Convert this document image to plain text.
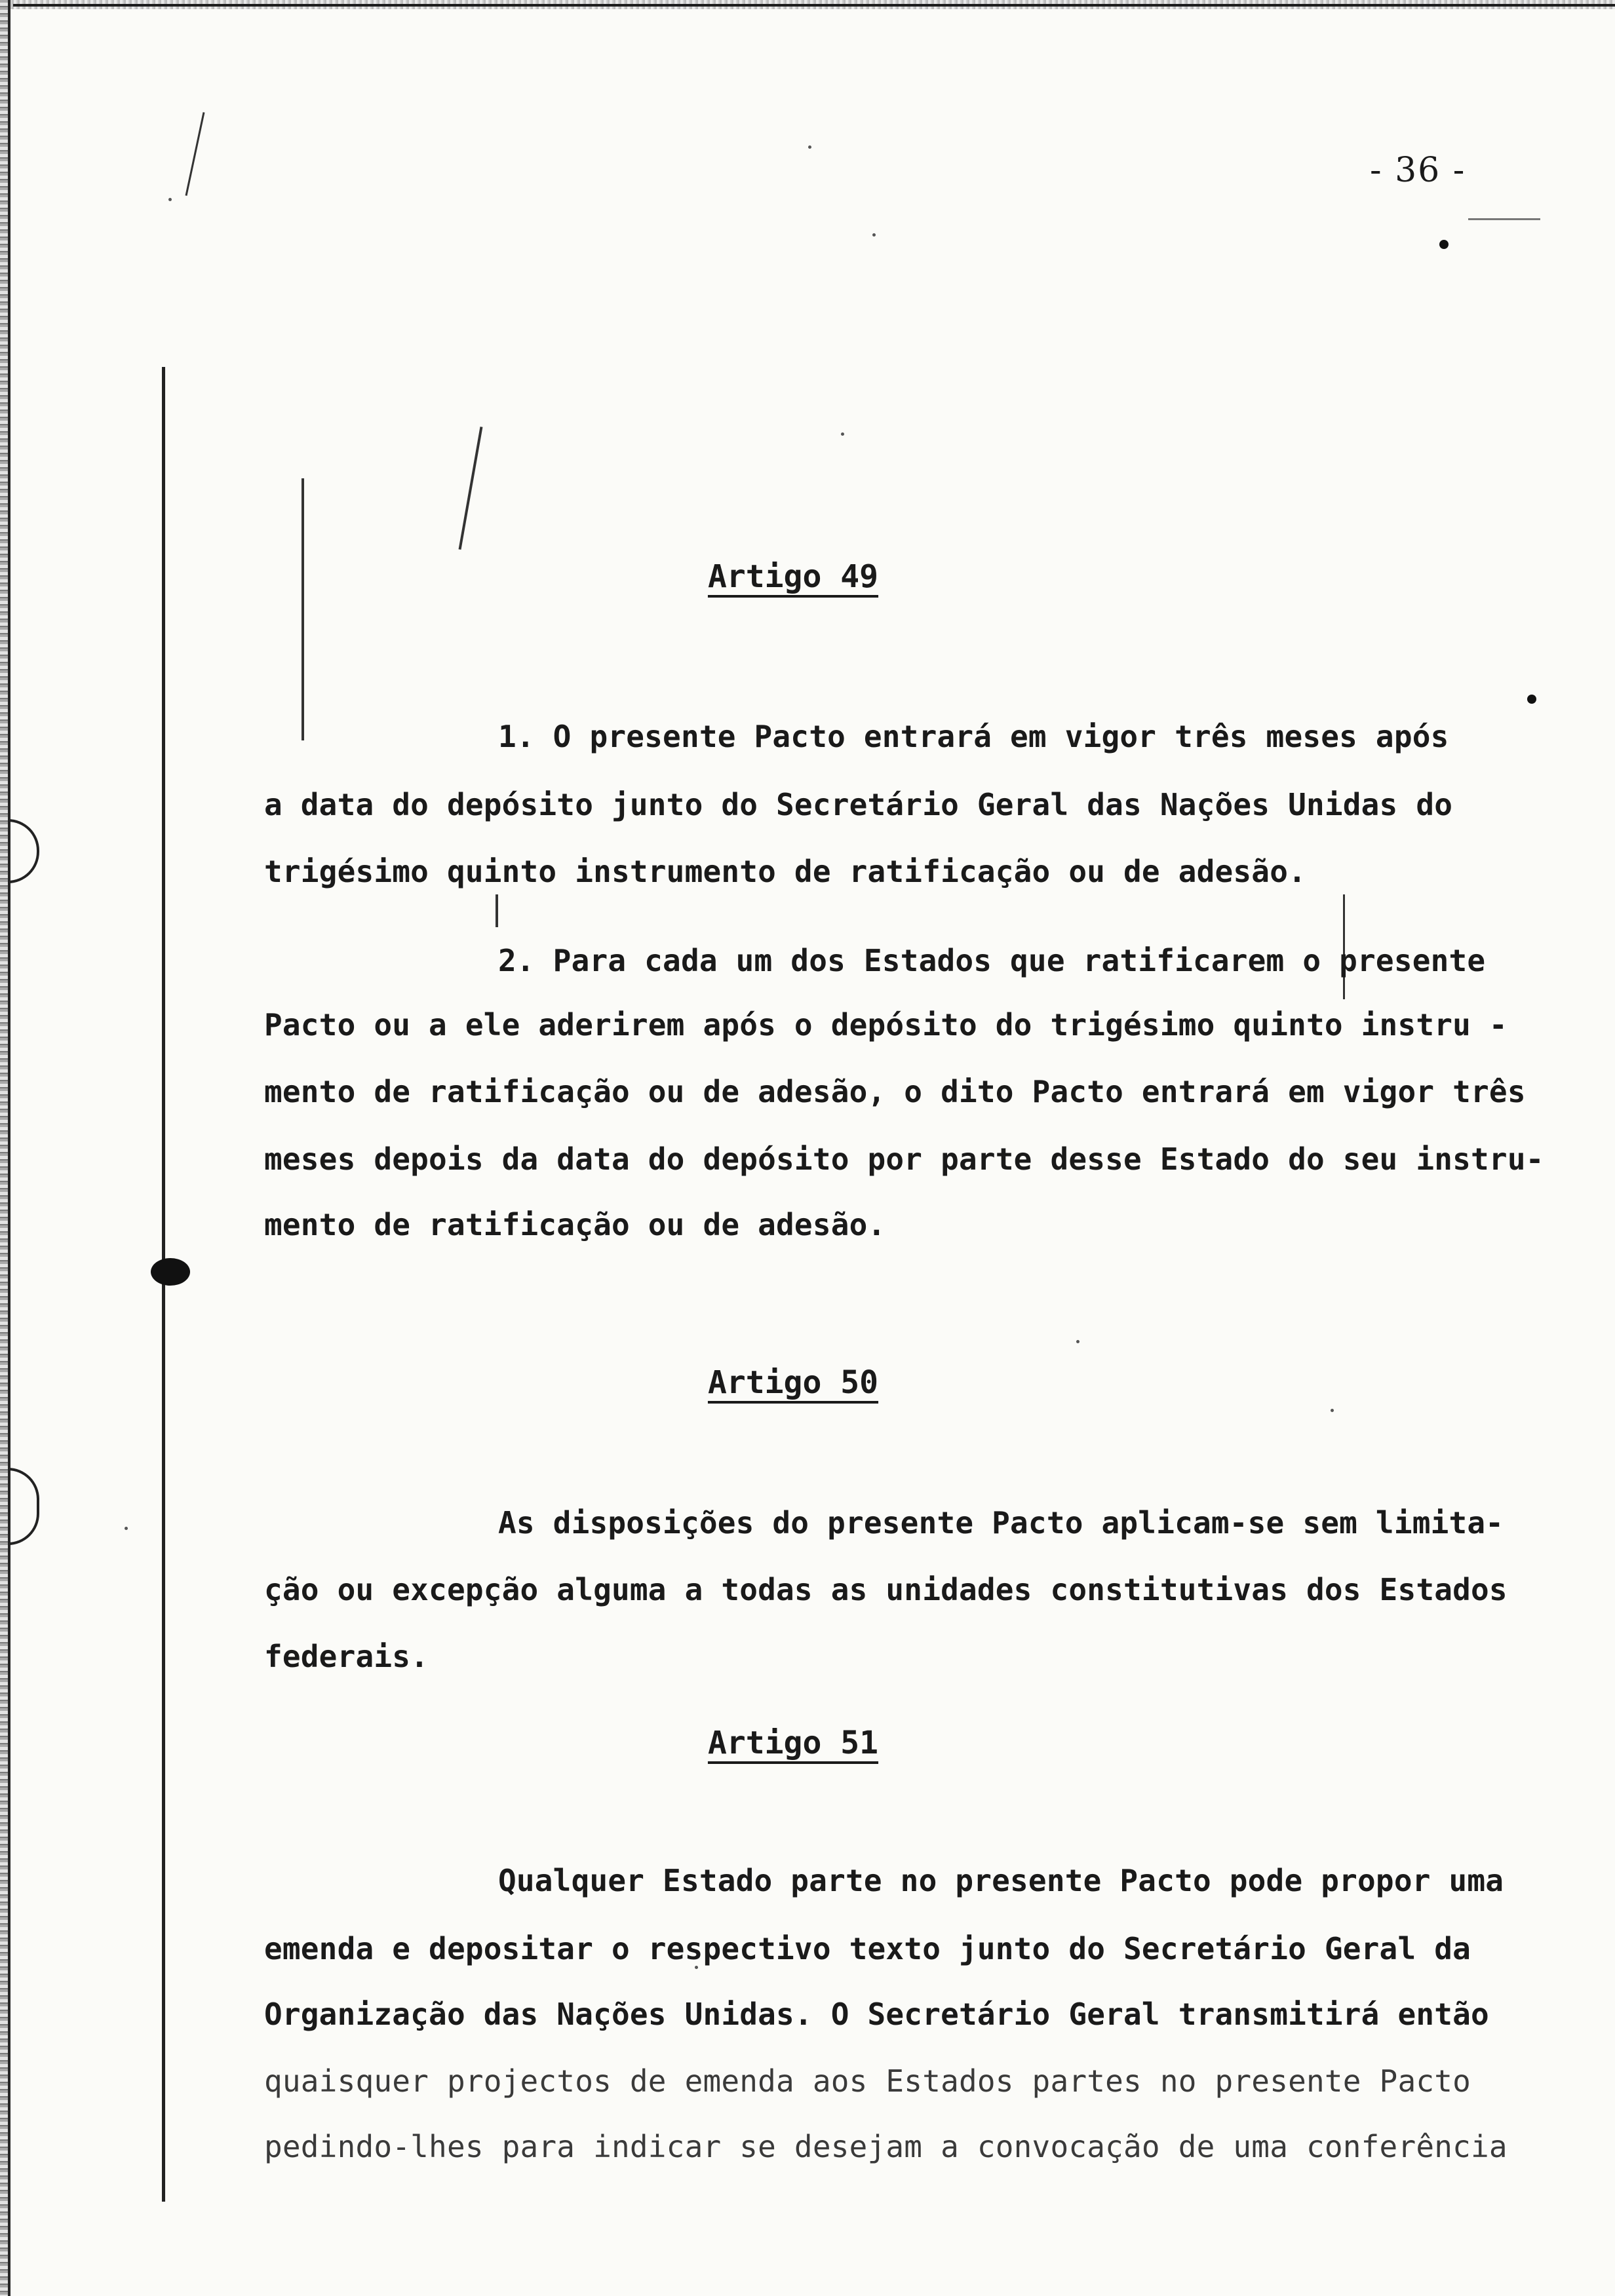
- 36 -
Artigo 49
1. O presente Pacto entrará em vigor três meses após
a data do depósito junto do Secretário Geral das Nações Unidas do
trigésimo quinto instrumento de ratificação ou de adesão.
2. Para cada um dos Estados que ratificarem o presente
Pacto ou a ele aderirem após o depósito do trigésimo quinto instru -
mento de ratificação ou de adesão, o dito Pacto entrará em vigor três
meses depois da data do depósito por parte desse Estado do seu instru-
mento de ratificação ou de adesão.
Artigo 50
As disposições do presente Pacto aplicam-se sem limita-
ção ou excepção alguma a todas as unidades constitutivas dos Estados
federais.
Artigo 51
Qualquer Estado parte no presente Pacto pode propor uma
emenda e depositar o respectivo texto junto do Secretário Geral da
Organização das Nações Unidas. O Secretário Geral transmitirá então
quaisquer projectos de emenda aos Estados partes no presente Pacto
pedindo-lhes para indicar se desejam a convocação de uma conferência
